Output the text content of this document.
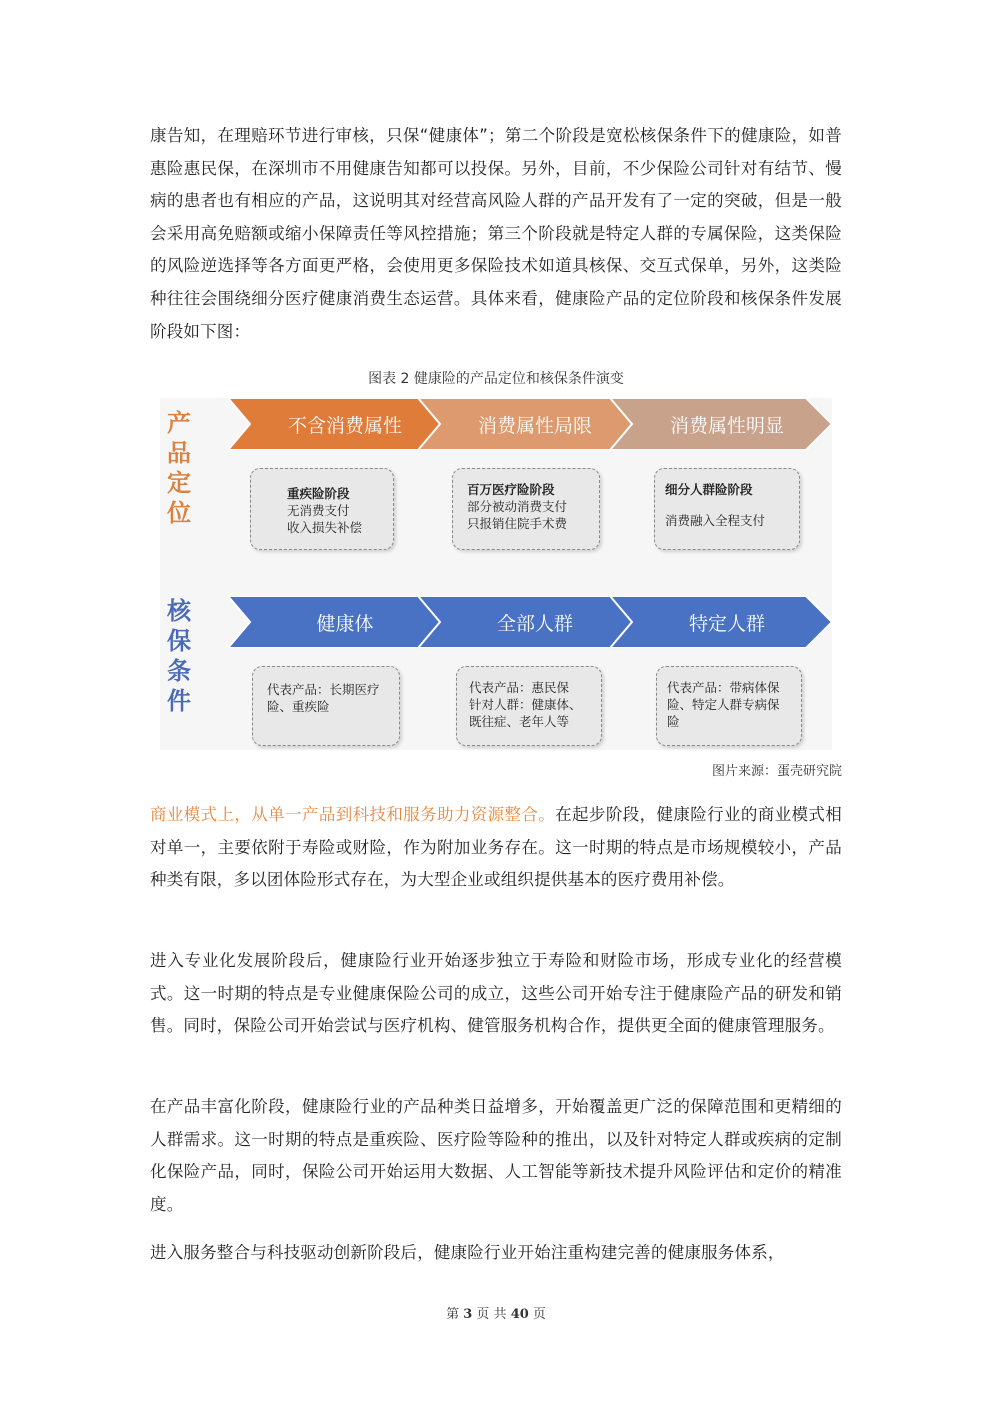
康告知，在理赔环节进行审核，只保“健康体”；第二个阶段是宽松核保条件下的健康险，如普惠险惠民保，在深圳市不用健康告知都可以投保。另外，目前，不少保险公司针对有结节、慢病的患者也有相应的产品，这说明其对经营高风险人群的产品开发有了一定的突破，但是一般会采用高免赔额或缩小保障责任等风控措施；第三个阶段就是特定人群的专属保险，这类保险的风险逆选择等各方面更严格，会使用更多保险技术如道具核保、交互式保单，另外，这类险种往往会围绕细分医疗健康消费生态运营。具体来看，健康险产品的定位阶段和核保条件发展阶段如下图：
图表 2 健康险的产品定位和核保条件演变
产品定位
不含消费属性	消费属性局限	消费属性明显
重疾险阶段
无消费支付
收入损失补偿
百万医疗险阶段
部分被动消费支付
只报销住院手术费
细分人群险阶段
消费融入全程支付
核保条件
健康体	全部人群	特定人群
代表产品：长期医疗险、重疾险
代表产品：惠民保
针对人群：健康体、既往症、老年人等
代表产品：带病体保险、特定人群专病保险
图片来源：蛋壳研究院
商业模式上，从单一产品到科技和服务助力资源整合。在起步阶段，健康险行业的商业模式相对单一，主要依附于寿险或财险，作为附加业务存在。这一时期的特点是市场规模较小，产品种类有限，多以团体险形式存在，为大型企业或组织提供基本的医疗费用补偿。
进入专业化发展阶段后，健康险行业开始逐步独立于寿险和财险市场，形成专业化的经营模式。这一时期的特点是专业健康保险公司的成立，这些公司开始专注于健康险产品的研发和销售。同时，保险公司开始尝试与医疗机构、健管服务机构合作，提供更全面的健康管理服务。
在产品丰富化阶段，健康险行业的产品种类日益增多，开始覆盖更广泛的保障范围和更精细的人群需求。这一时期的特点是重疾险、医疗险等险种的推出，以及针对特定人群或疾病的定制化保险产品，同时，保险公司开始运用大数据、人工智能等新技术提升风险评估和定价的精准度。
进入服务整合与科技驱动创新阶段后，健康险行业开始注重构建完善的健康服务体系，
第 3 页 共 40 页
